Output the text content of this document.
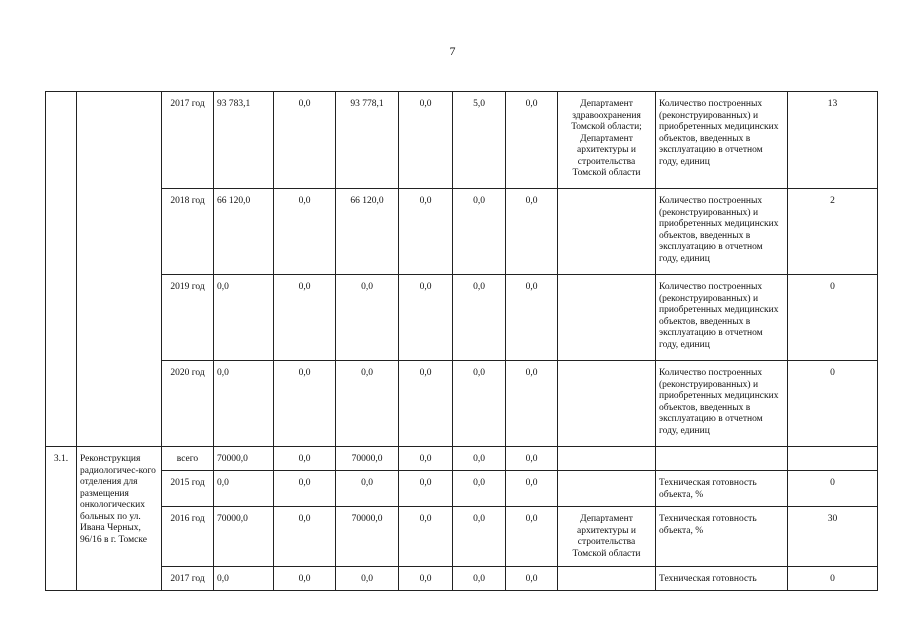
7
		2017 год	93 783,1	0,0	93 778,1	0,0	5,0	0,0	Департамент здравоохранения Томской области; Департамент архитектуры и строительства Томской области	Количество построенных (реконструированных) и приобретенных медицинских объектов, введенных в эксплуатацию в отчетном году, единиц	13
		2018 год	66 120,0	0,0	66 120,0	0,0	0,0	0,0		Количество построенных (реконструированных) и приобретенных медицинских объектов, введенных в эксплуатацию в отчетном году, единиц	2
		2019 год	0,0	0,0	0,0	0,0	0,0	0,0		Количество построенных (реконструированных) и приобретенных медицинских объектов, введенных в эксплуатацию в отчетном году, единиц	0
		2020 год	0,0	0,0	0,0	0,0	0,0	0,0		Количество построенных (реконструированных) и приобретенных медицинских объектов, введенных в эксплуатацию в отчетном году, единиц	0
3.1.	Реконструкция радиологичес-кого отделения для размещения онкологических больных по ул. Ивана Черных, 96/16 в г. Томске	всего	70000,0	0,0	70000,0	0,0	0,0	0,0			
		2015 год	0,0	0,0	0,0	0,0	0,0	0,0		Техническая готовность объекта, %	0
		2016 год	70000,0	0,0	70000,0	0,0	0,0	0,0	Департамент архитектуры и строительства Томской области	Техническая готовность объекта, %	30
		2017 год	0,0	0,0	0,0	0,0	0,0	0,0		Техническая готовность	0
